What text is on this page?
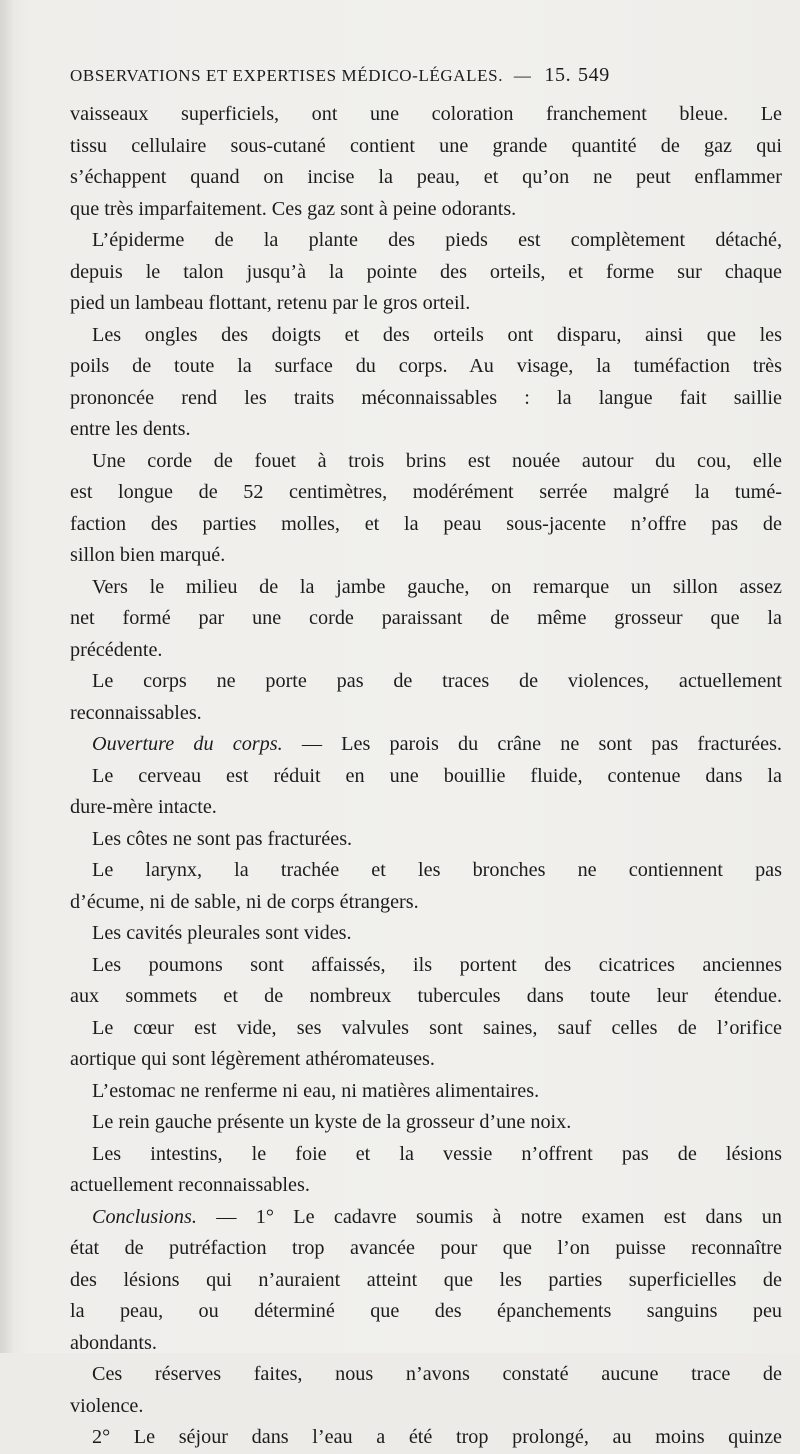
OBSERVATIONS ET EXPERTISES MÉDICO-LÉGALES. — 15. 549
vaisseaux superficiels, ont une coloration franchement bleue. Le
tissu cellulaire sous-cutané contient une grande quantité de gaz qui
s’échappent quand on incise la peau, et qu’on ne peut enflammer
que très imparfaitement. Ces gaz sont à peine odorants.
L’épiderme de la plante des pieds est complètement détaché,
depuis le talon jusqu’à la pointe des orteils, et forme sur chaque
pied un lambeau flottant, retenu par le gros orteil.
Les ongles des doigts et des orteils ont disparu, ainsi que les
poils de toute la surface du corps. Au visage, la tuméfaction très
prononcée rend les traits méconnaissables : la langue fait saillie
entre les dents.
Une corde de fouet à trois brins est nouée autour du cou, elle
est longue de 52 centimètres, modérément serrée malgré la tumé-
faction des parties molles, et la peau sous-jacente n’offre pas de
sillon bien marqué.
Vers le milieu de la jambe gauche, on remarque un sillon assez
net formé par une corde paraissant de même grosseur que la
précédente.
Le corps ne porte pas de traces de violences, actuellement
reconnaissables.
Ouverture du corps. — Les parois du crâne ne sont pas fracturées.
Le cerveau est réduit en une bouillie fluide, contenue dans la
dure-mère intacte.
Les côtes ne sont pas fracturées.
Le larynx, la trachée et les bronches ne contiennent pas
d’écume, ni de sable, ni de corps étrangers.
Les cavités pleurales sont vides.
Les poumons sont affaissés, ils portent des cicatrices anciennes
aux sommets et de nombreux tubercules dans toute leur étendue.
Le cœur est vide, ses valvules sont saines, sauf celles de l’orifice
aortique qui sont légèrement athéromateuses.
L’estomac ne renferme ni eau, ni matières alimentaires.
Le rein gauche présente un kyste de la grosseur d’une noix.
Les intestins, le foie et la vessie n’offrent pas de lésions
actuellement reconnaissables.
Conclusions. — 1° Le cadavre soumis à notre examen est dans un
état de putréfaction trop avancée pour que l’on puisse reconnaître
des lésions qui n’auraient atteint que les parties superficielles de
la peau, ou déterminé que des épanchements sanguins peu
abondants.
Ces réserves faites, nous n’avons constaté aucune trace de
violence.
2° Le séjour dans l’eau a été trop prolongé, au moins quinze
